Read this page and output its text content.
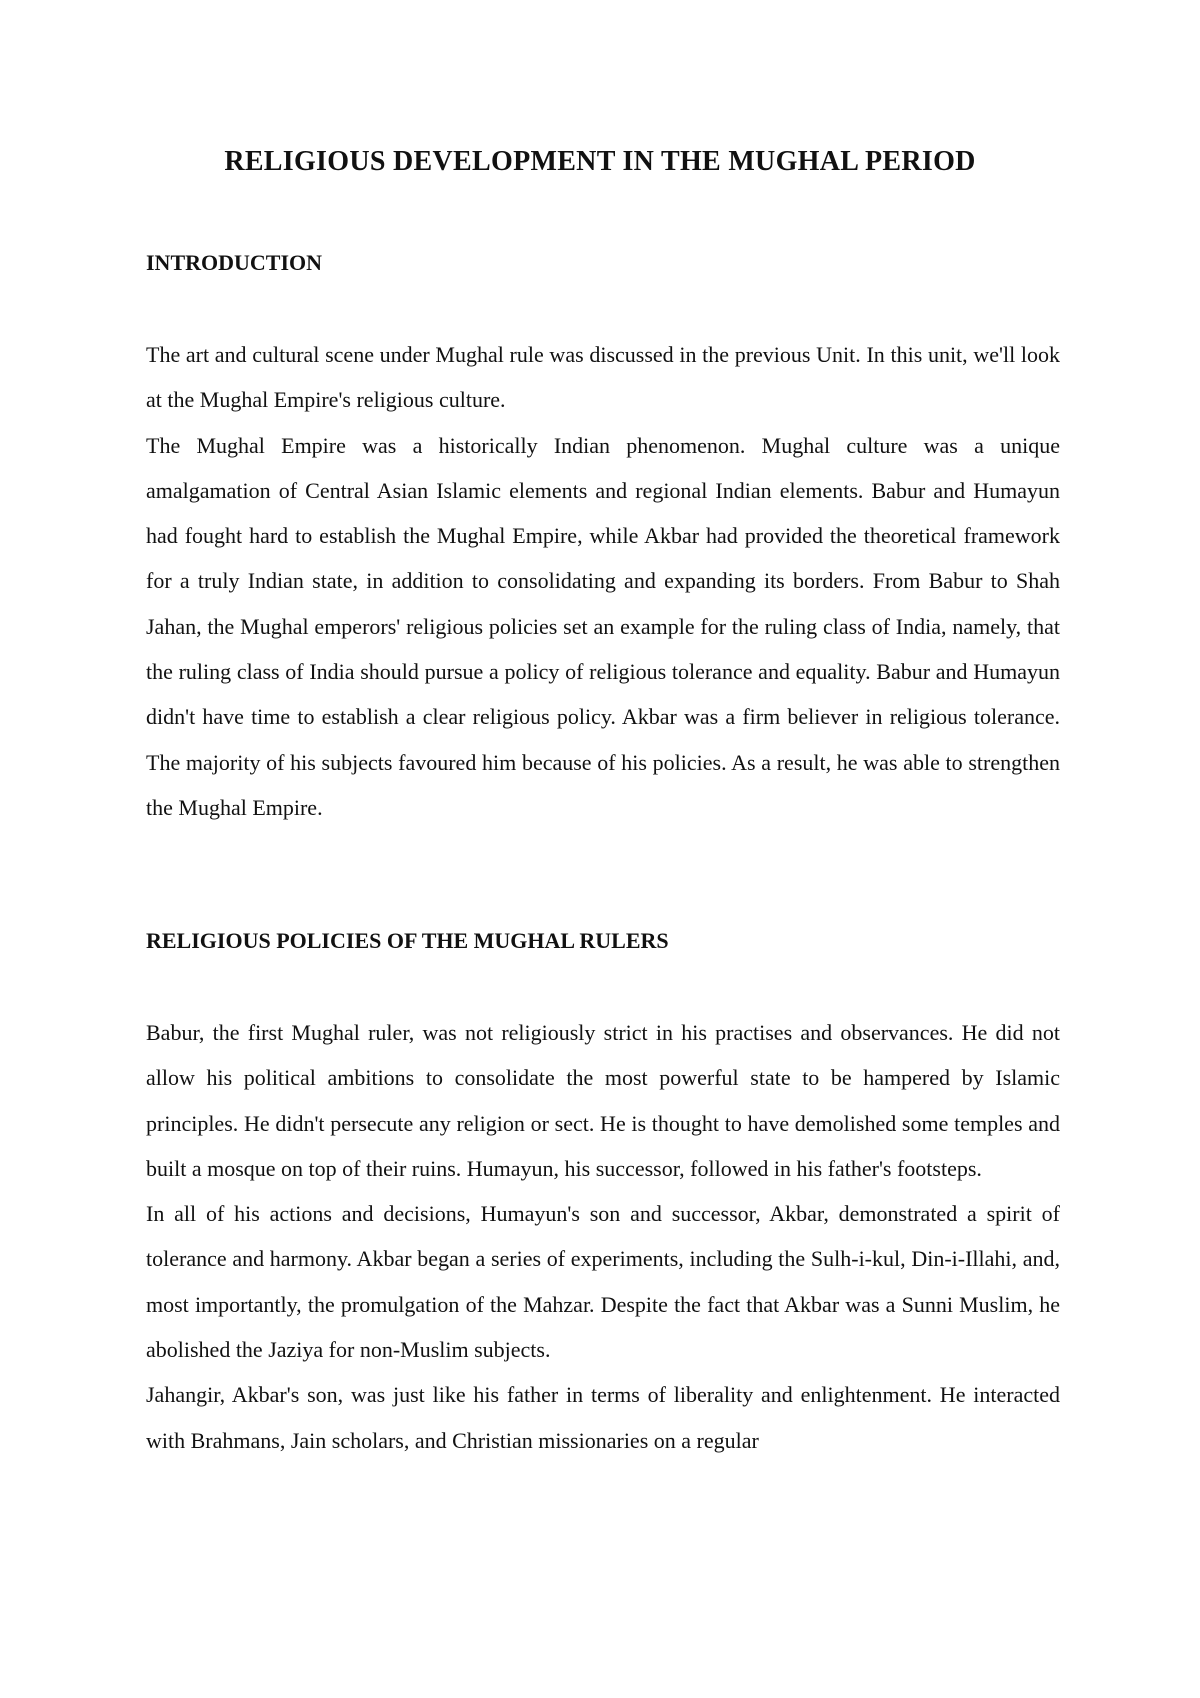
RELIGIOUS DEVELOPMENT IN THE MUGHAL PERIOD
INTRODUCTION

The art and cultural scene under Mughal rule was discussed in the previous Unit. In this unit, we'll look at the Mughal Empire's religious culture.

The Mughal Empire was a historically Indian phenomenon. Mughal culture was a unique amalgamation of Central Asian Islamic elements and regional Indian elements. Babur and Humayun had fought hard to establish the Mughal Empire, while Akbar had provided the theoretical framework for a truly Indian state, in addition to consolidating and expanding its borders. From Babur to Shah Jahan, the Mughal emperors' religious policies set an example for the ruling class of India, namely, that the ruling class of India should pursue a policy of religious tolerance and equality. Babur and Humayun didn't have time to establish a clear religious policy. Akbar was a firm believer in religious tolerance. The majority of his subjects favoured him because of his policies. As a result, he was able to strengthen the Mughal Empire.

RELIGIOUS POLICIES OF THE MUGHAL RULERS

Babur, the first Mughal ruler, was not religiously strict in his practises and observances. He did not allow his political ambitions to consolidate the most powerful state to be hampered by Islamic principles. He didn't persecute any religion or sect. He is thought to have demolished some temples and built a mosque on top of their ruins. Humayun, his successor, followed in his father's footsteps.

In all of his actions and decisions, Humayun's son and successor, Akbar, demonstrated a spirit of tolerance and harmony. Akbar began a series of experiments, including the Sulh-i-kul, Din-i-Illahi, and, most importantly, the promulgation of the Mahzar. Despite the fact that Akbar was a Sunni Muslim, he abolished the Jaziya for non-Muslim subjects.

Jahangir, Akbar's son, was just like his father in terms of liberality and enlightenment. He interacted with Brahmans, Jain scholars, and Christian missionaries on a regular
